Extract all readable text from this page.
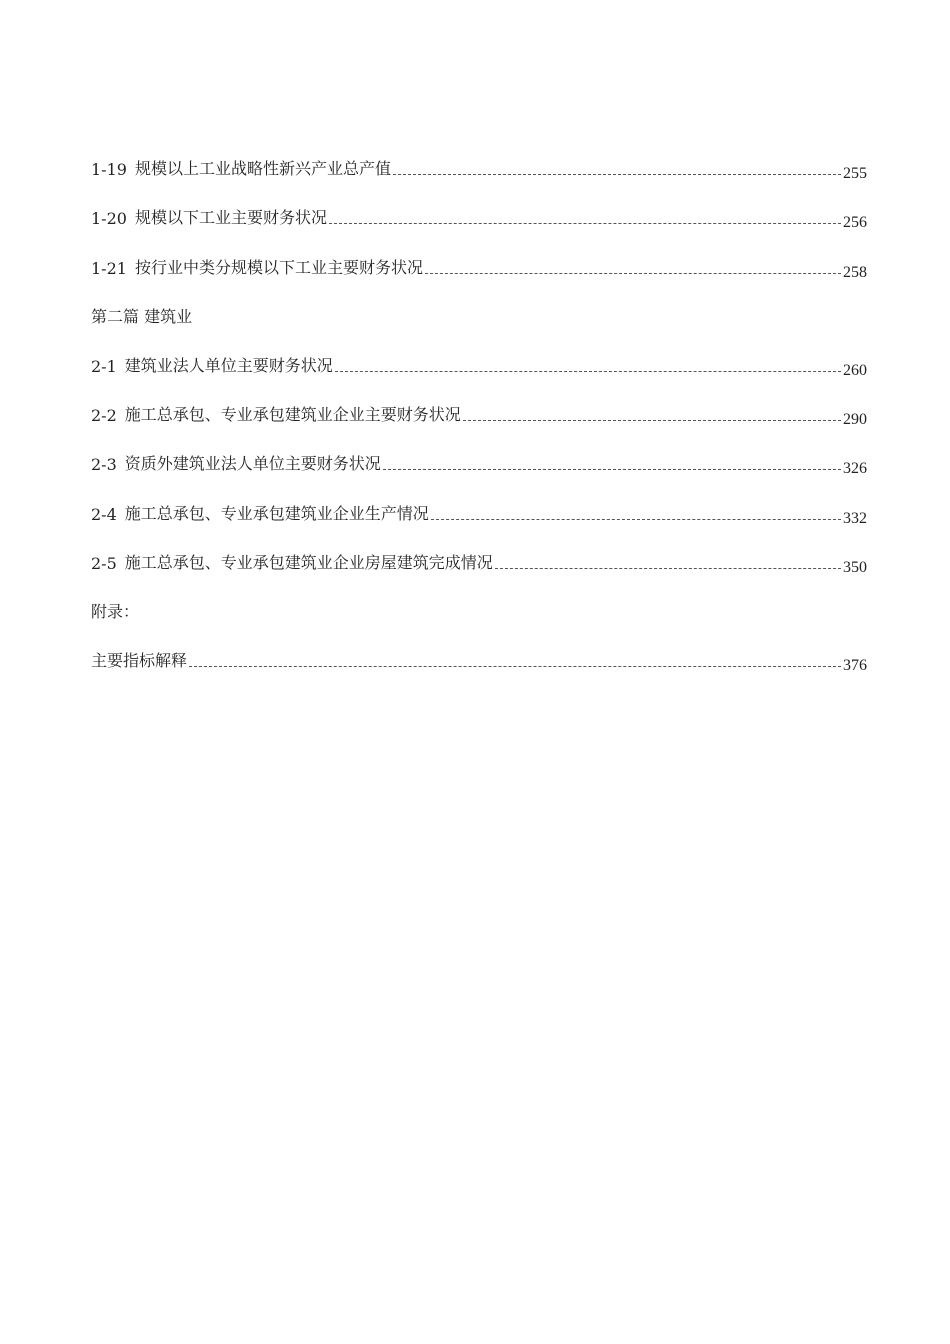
1-19 规模以上工业战略性新兴产业总产值	255
1-20 规模以下工业主要财务状况	256
1-21 按行业中类分规模以下工业主要财务状况	258
第二篇 建筑业
2-1 建筑业法人单位主要财务状况	260
2-2 施工总承包、专业承包建筑业企业主要财务状况	290
2-3 资质外建筑业法人单位主要财务状况	326
2-4 施工总承包、专业承包建筑业企业生产情况	332
2-5 施工总承包、专业承包建筑业企业房屋建筑完成情况	350
附录：
主要指标解释	376
